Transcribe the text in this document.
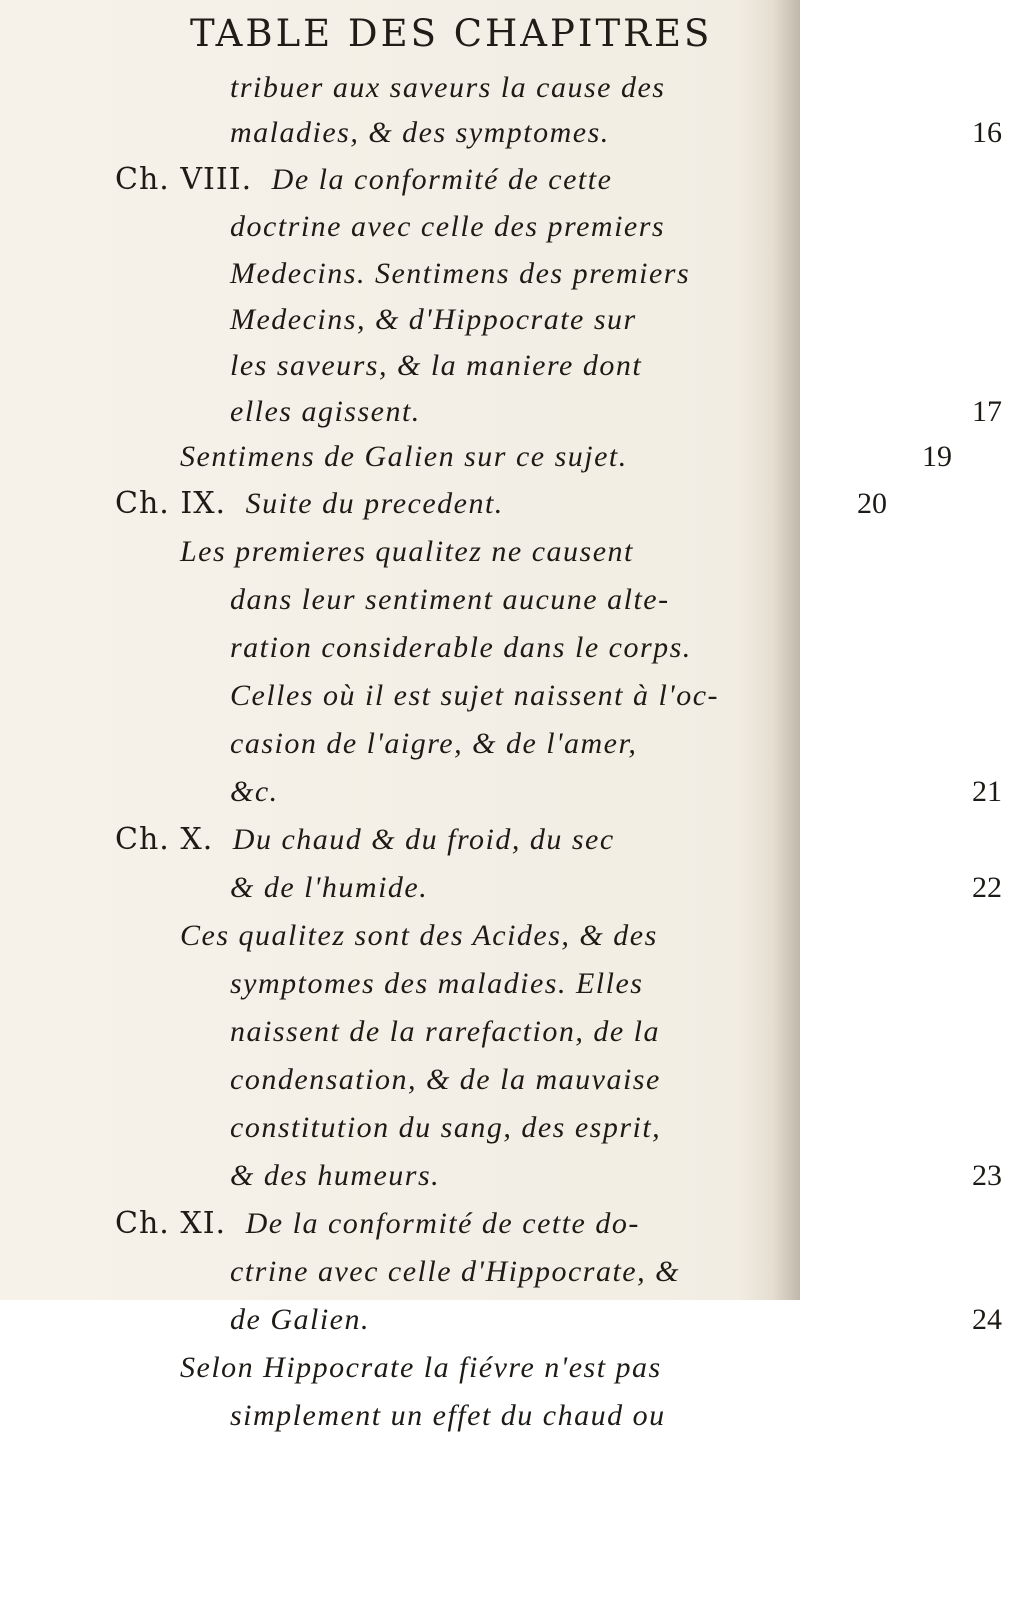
TABLE DES CHAPITRES
tribuer aux saveurs la cause des
maladies, & des symptomes.	16
Ch. VIII. De la conformité de cette
doctrine avec celle des premiers
Medecins. Sentimens des premiers
Medecins, & d'Hippocrate sur
les saveurs, & la maniere dont
elles agissent.	17
Sentimens de Galien sur ce sujet.	19
Ch. IX. Suite du precedent.	20
Les premieres qualitez ne causent
dans leur sentiment aucune alte-
ration considerable dans le corps.
Celles où il est sujet naissent à l'oc-
casion de l'aigre, & de l'amer,
&c.	21
Ch. X. Du chaud & du froid, du sec
& de l'humide.	22
Ces qualitez sont des Acides, & des
symptomes des maladies. Elles
naissent de la rarefaction, de la
condensation, & de la mauvaise
constitution du sang, des esprit,
& des humeurs.	23
Ch. XI. De la conformité de cette do-
ctrine avec celle d'Hippocrate, &
de Galien.	24
Selon Hippocrate la fiévre n'est pas
simplement un effet du chaud ou
